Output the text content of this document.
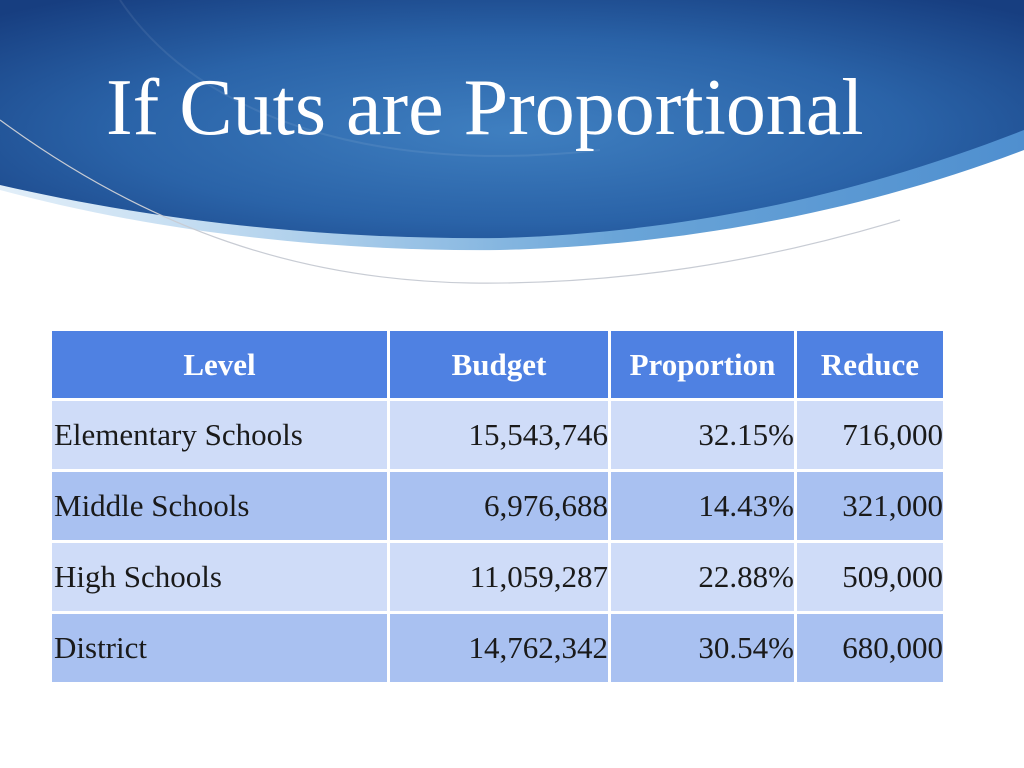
If Cuts are Proportional
Level	Budget	Proportion	Reduce
Elementary Schools	15,543,746	32.15%	716,000
Middle Schools	6,976,688	14.43%	321,000
High Schools	11,059,287	22.88%	509,000
District	14,762,342	30.54%	680,000
